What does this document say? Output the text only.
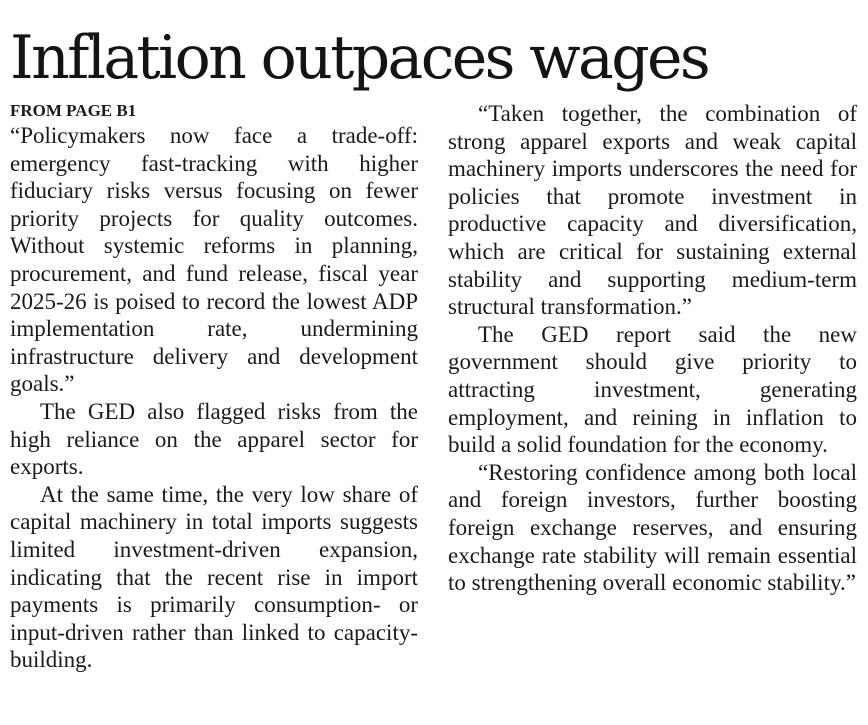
Inflation outpaces wages
FROM PAGE B1

“Policymakers now face a trade-off: emergency fast-tracking with higher fiduciary risks versus focusing on fewer priority projects for quality outcomes. Without systemic reforms in planning, procurement, and fund release, fiscal year 2025-26 is poised to record the lowest ADP implementation rate, undermining infrastructure delivery and development goals.”

The GED also flagged risks from the high reliance on the apparel sector for exports.

At the same time, the very low share of capital machinery in total imports suggests limited investment-driven expansion, indicating that the recent rise in import payments is primarily consumption- or input-driven rather than linked to capacity-building.

“Taken together, the combination of strong apparel exports and weak capital machinery imports underscores the need for policies that promote investment in productive capacity and diversification, which are critical for sustaining external stability and supporting medium-term structural transformation.”

The GED report said the new government should give priority to attracting investment, generating employment, and reining in inflation to build a solid foundation for the economy.

“Restoring confidence among both local and foreign investors, further boosting foreign exchange reserves, and ensuring exchange rate stability will remain essential to strengthening overall economic stability.”
